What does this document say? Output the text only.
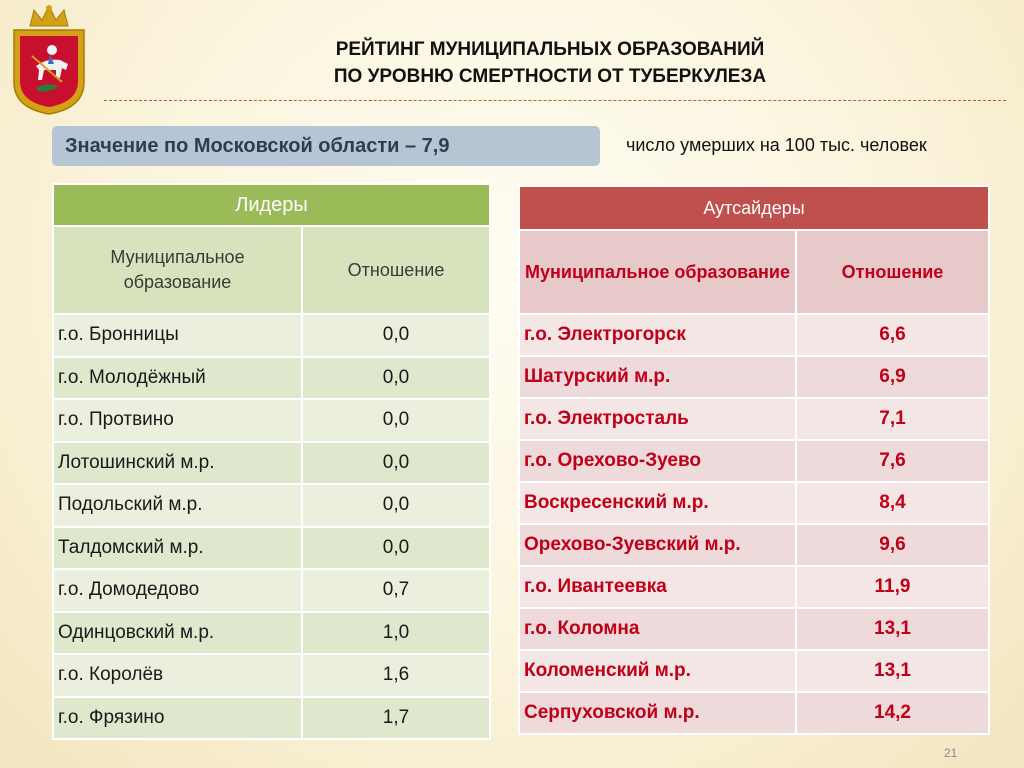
РЕЙТИНГ МУНИЦИПАЛЬНЫХ ОБРАЗОВАНИЙ
ПО УРОВНЮ СМЕРТНОСТИ ОТ ТУБЕРКУЛЕЗА
Значение по Московской области – 7,9	число умерших на 100 тыс. человек
Лидеры	
Муниципальное образование	Отношение
г.о. Бронницы	0,0
г.о. Молодёжный	0,0
г.о. Протвино	0,0
Лотошинский м.р.	0,0
Подольский м.р.	0,0
Талдомский м.р.	0,0
г.о. Домодедово	0,7
Одинцовский м.р.	1,0
г.о. Королёв	1,6
г.о. Фрязино	1,7
Аутсайдеры	
Муниципальное образование	Отношение
г.о. Электрогорск	6,6
Шатурский м.р.	6,9
г.о. Электросталь	7,1
г.о. Орехово-Зуево	7,6
Воскресенский м.р.	8,4
Орехово-Зуевский м.р.	9,6
г.о. Ивантеевка	11,9
г.о. Коломна	13,1
Коломенский м.р.	13,1
Серпуховской м.р.	14,2
21
